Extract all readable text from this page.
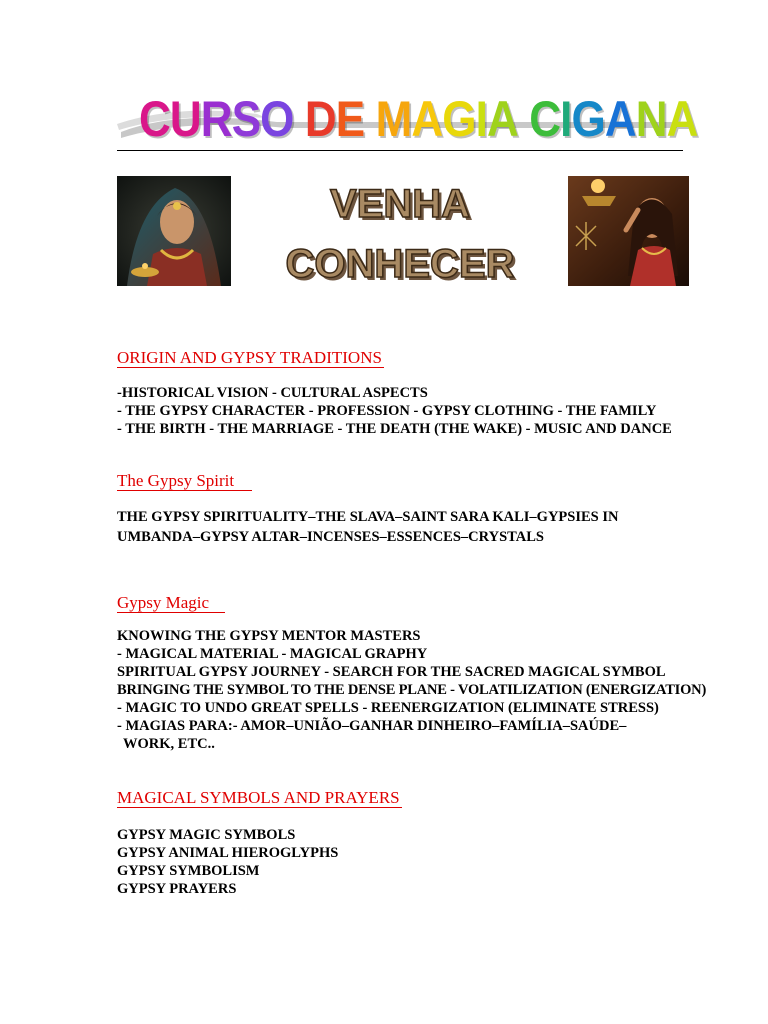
CURSO DE MAGIA CIGANA
VENHA
CONHECER
ORIGIN AND GYPSY TRADITIONS
-HISTORICAL VISION - CULTURAL ASPECTS
- THE GYPSY CHARACTER - PROFESSION - GYPSY CLOTHING - THE FAMILY
- THE BIRTH - THE MARRIAGE - THE DEATH (THE WAKE) - MUSIC AND DANCE
The Gypsy Spirit
THE GYPSY SPIRITUALITY–THE SLAVA–SAINT SARA KALI–GYPSIES IN
UMBANDA–GYPSY ALTAR–INCENSES–ESSENCES–CRYSTALS
Gypsy Magic
KNOWING THE GYPSY MENTOR MASTERS
- MAGICAL MATERIAL - MAGICAL GRAPHY
SPIRITUAL GYPSY JOURNEY - SEARCH FOR THE SACRED MAGICAL SYMBOL
BRINGING THE SYMBOL TO THE DENSE PLANE - VOLATILIZATION (ENERGIZATION)
- MAGIC TO UNDO GREAT SPELLS - REENERGIZATION (ELIMINATE STRESS)
- MAGIAS PARA:- AMOR–UNIÃO–GANHAR DINHEIRO–FAMÍLIA–SAÚDE–
WORK, ETC..
MAGICAL SYMBOLS AND PRAYERS
GYPSY MAGIC SYMBOLS
GYPSY ANIMAL HIEROGLYPHS
GYPSY SYMBOLISM
GYPSY PRAYERS
